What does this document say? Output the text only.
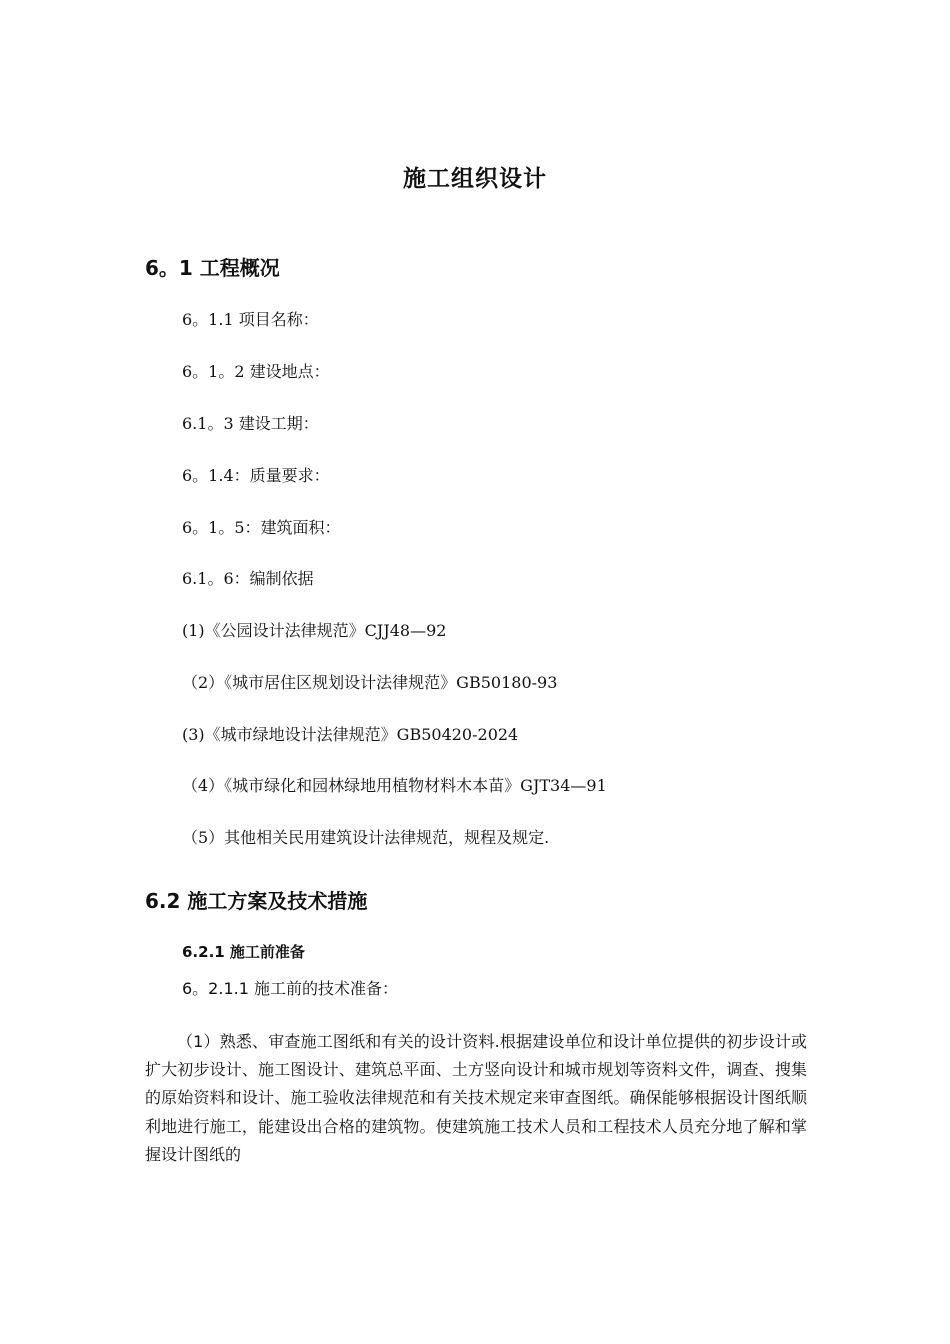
施工组织设计
6。1 工程概况
6。1.1 项目名称：
6。1。2 建设地点：
6.1。3 建设工期：
6。1.4：质量要求：
6。1。5：建筑面积：
6.1。6：编制依据
(1)《公园设计法律规范》CJJ48—92
（2）《城市居住区规划设计法律规范》GB50180-93
(3)《城市绿地设计法律规范》GB50420-2024
（4）《城市绿化和园林绿地用植物材料木本苗》GJT34—91
（5）其他相关民用建筑设计法律规范，规程及规定.
6.2 施工方案及技术措施
6.2.1 施工前准备
6。2.1.1 施工前的技术准备：

（1）熟悉、审查施工图纸和有关的设计资料.根据建设单位和设计单位提供的初步设计或扩大初步设计、施工图设计、建筑总平面、土方竖向设计和城市规划等资料文件，调查、搜集的原始资料和设计、施工验收法律规范和有关技术规定来审查图纸。确保能够根据设计图纸顺利地进行施工，能建设出合格的建筑物。使建筑施工技术人员和工程技术人员充分地了解和掌握设计图纸的
